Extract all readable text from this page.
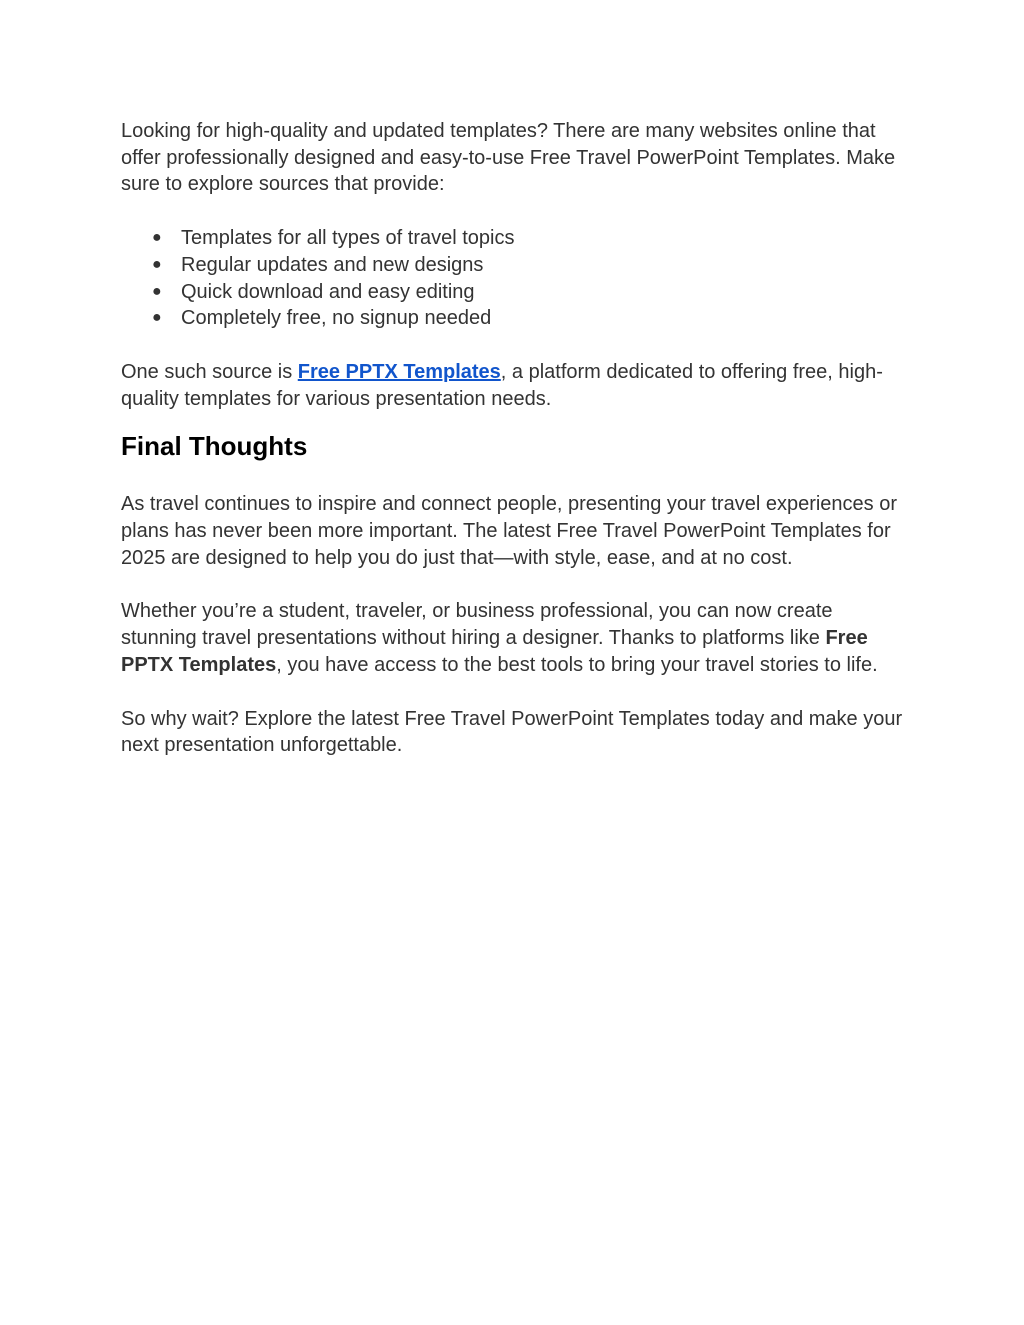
Looking for high-quality and updated templates? There are many websites online that offer professionally designed and easy-to-use Free Travel PowerPoint Templates. Make sure to explore sources that provide:

● Templates for all types of travel topics
● Regular updates and new designs
● Quick download and easy editing
● Completely free, no signup needed

One such source is Free PPTX Templates, a platform dedicated to offering free, high-quality templates for various presentation needs.

Final Thoughts

As travel continues to inspire and connect people, presenting your travel experiences or plans has never been more important. The latest Free Travel PowerPoint Templates for 2025 are designed to help you do just that—with style, ease, and at no cost.

Whether you’re a student, traveler, or business professional, you can now create stunning travel presentations without hiring a designer. Thanks to platforms like Free PPTX Templates, you have access to the best tools to bring your travel stories to life.

So why wait? Explore the latest Free Travel PowerPoint Templates today and make your next presentation unforgettable.
